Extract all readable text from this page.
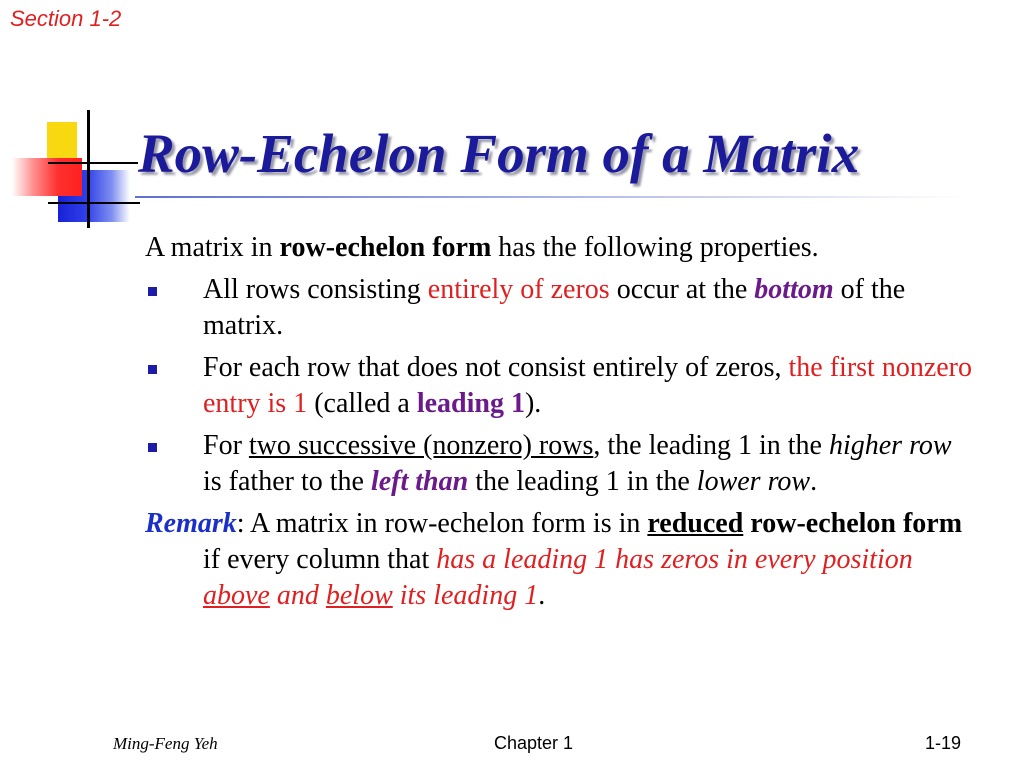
Section 1-2
Row-Echelon Form of a Matrix

A matrix in row-echelon form has the following properties.

All rows consisting entirely of zeros occur at the bottom of the matrix.
For each row that does not consist entirely of zeros, the first nonzero entry is 1 (called a leading 1).
For two successive (nonzero) rows, the leading 1 in the higher row is father to the left than the leading 1 in the lower row.

Remark: A matrix in row-echelon form is in reduced row-echelon form if every column that has a leading 1 has zeros in every position above and below its leading 1.

Ming-Feng Yeh	Chapter 1	1-19
